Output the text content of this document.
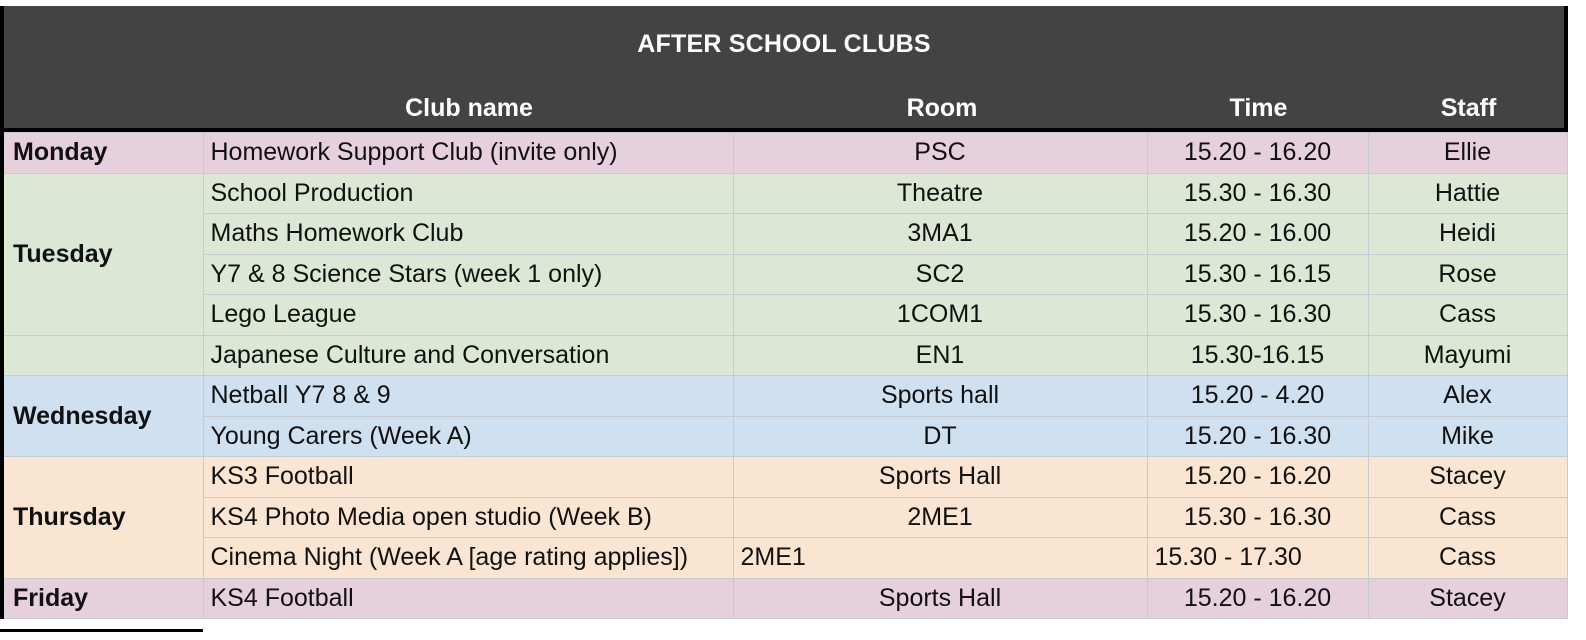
AFTER SCHOOL CLUBS
Club name	Room	Time	Staff
Monday	Homework Support Club (invite only)	PSC	15.20 - 16.20	Ellie
Tuesday	School Production	Theatre	15.30 - 16.30	Hattie
	Maths Homework Club	3MA1	15.20 - 16.00	Heidi
	Y7 & 8 Science Stars (week 1 only)	SC2	15.30 - 16.15	Rose
	Lego League	1COM1	15.30 - 16.30	Cass
	Japanese Culture and Conversation	EN1	15.30-16.15	Mayumi
Wednesday	Netball Y7 8 & 9	Sports hall	15.20 - 4.20	Alex
	Young Carers (Week A)	DT	15.20 - 16.30	Mike
Thursday	KS3 Football	Sports Hall	15.20 - 16.20	Stacey
	KS4 Photo Media open studio (Week B)	2ME1	15.30 - 16.30	Cass
	Cinema Night (Week A [age rating applies])	2ME1	15.30 - 17.30	Cass
Friday	KS4 Football	Sports Hall	15.20 - 16.20	Stacey
